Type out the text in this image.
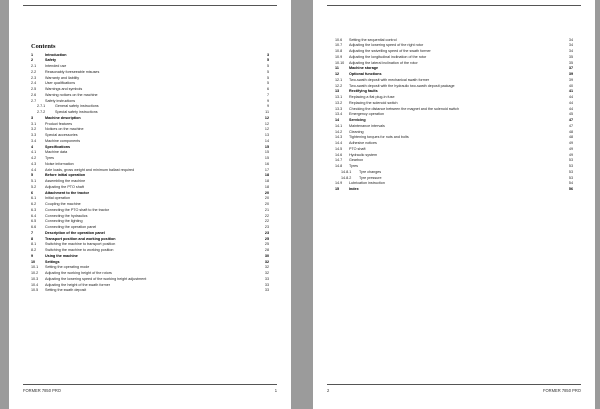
Contents
1	Introduction	3
2	Safety	5
2.1 Intended use	5
2.2 Reasonably foreseeable misuses	5
2.3 Warranty and liability	5
2.4 User qualifications	5
2.5 Warnings and symbols	6
2.6 Warning notices on the machine	7
2.7 Safety instructions	9
2.7.1	General safety instructions	9
2.7.2	Special safety instructions	11
3	Machine description	12
3.1 Product features	12
3.2 Notices on the machine	12
3.3 Special accessories	13
3.4 Machine components	14
4	Specifications	15
4.1 Machine data	15
4.2 Tyres	15
4.3 Noise information	16
4.4 Axle loads, gross weight and minimum ballast required	17
5	Before initial operation	18
5.1 Assembling the machine	18
5.2 Adjusting the PTO shaft	18
6	Attachment to the tractor	20
6.1 Initial operation	20
6.2 Coupling the machine	20
6.3 Connecting the PTO shaft to the tractor	21
6.4 Connecting the hydraulics	22
6.5 Connecting the lighting	22
6.6 Connecting the operation panel	23
7	Description of the operation panel	23
8	Transport position and working position	25
8.1 Switching the machine to transport position	25
8.2 Switching the machine to working position	28
9	Using the machine	30
10	Settings	32
10.1 Setting the operating mode	32
10.2 Adjusting the working height of the rotors	32
10.3 Adjusting the lowering speed of the working height adjustment	33
10.4 Adjusting the height of the swath former	33
10.5 Setting the swath deposit	33
FORMER 7850 PRO	1
10.6 Setting the sequential control	34
10.7 Adjusting the lowering speed of the right rotor	34
10.8 Adjusting the swivelling speed of the swath former	34
10.9 Adjusting the longitudinal inclination of the rotor	35
10.10 Adjusting the lateral inclination of the rotor	35
11	Machine storage	37
12	Optional functions	39
12.1 Two-swath deposit with mechanical swath former	39
12.2 Two-swath deposit with the hydraulic two-swath deposit package	40
13	Rectifying faults	41
13.1 Replacing a flat plug-in fuse	44
13.2 Replacing the solenoid switch	44
13.3 Checking the distance between the magnet and the solenoid switch	44
13.4 Emergency operation	45
14	Servicing	47
14.1 Maintenance intervals	47
14.2 Cleaning	48
14.3 Tightening torques for nuts and bolts	48
14.4 Adhesive notices	49
14.5 PTO shaft	49
14.6 Hydraulic system	49
14.7 Gearbox	53
14.8 Tyres	53
14.8.1 Tyre changes	53
14.8.2 Tyre pressure	53
14.9 Lubrication instruction	54
15	Index	56
2	FORMER 7850 PRO
